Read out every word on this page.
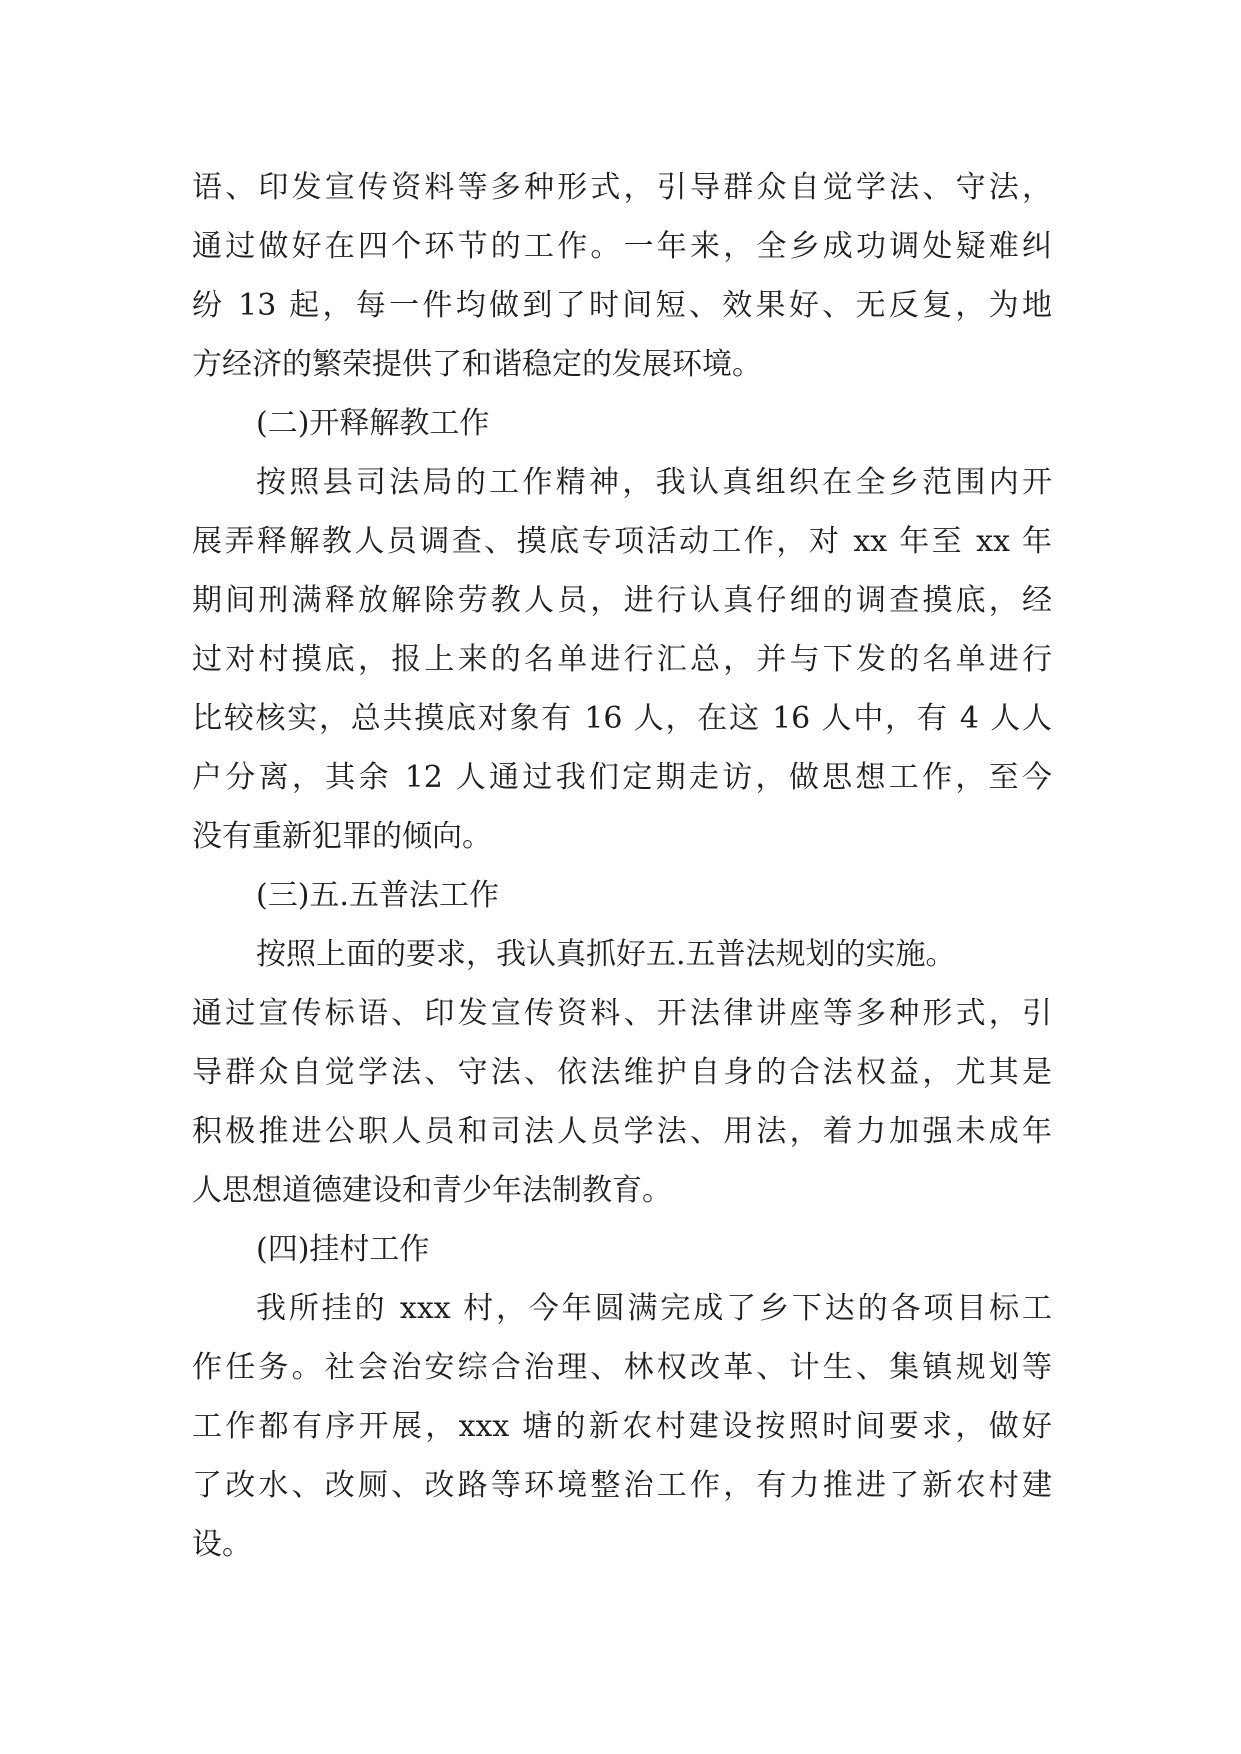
语、印发宣传资料等多种形式，引导群众自觉学法、守法，
通过做好在四个环节的工作。一年来，全乡成功调处疑难纠
纷 13 起，每一件均做到了时间短、效果好、无反复，为地
方经济的繁荣提供了和谐稳定的发展环境。
(二)开释解教工作
按照县司法局的工作精神，我认真组织在全乡范围内开
展弄释解教人员调查、摸底专项活动工作，对 xx 年至 xx 年
期间刑满释放解除劳教人员，进行认真仔细的调查摸底，经
过对村摸底，报上来的名单进行汇总，并与下发的名单进行
比较核实，总共摸底对象有 16 人，在这 16 人中，有 4 人人
户分离，其余 12 人通过我们定期走访，做思想工作，至今
没有重新犯罪的倾向。
(三)五.五普法工作
按照上面的要求，我认真抓好五.五普法规划的实施。
通过宣传标语、印发宣传资料、开法律讲座等多种形式，引
导群众自觉学法、守法、依法维护自身的合法权益，尤其是
积极推进公职人员和司法人员学法、用法，着力加强未成年
人思想道德建设和青少年法制教育。
(四)挂村工作
我所挂的 xxx 村，今年圆满完成了乡下达的各项目标工
作任务。社会治安综合治理、林权改革、计生、集镇规划等
工作都有序开展，xxx 塘的新农村建设按照时间要求，做好
了改水、改厕、改路等环境整治工作，有力推进了新农村建
设。
